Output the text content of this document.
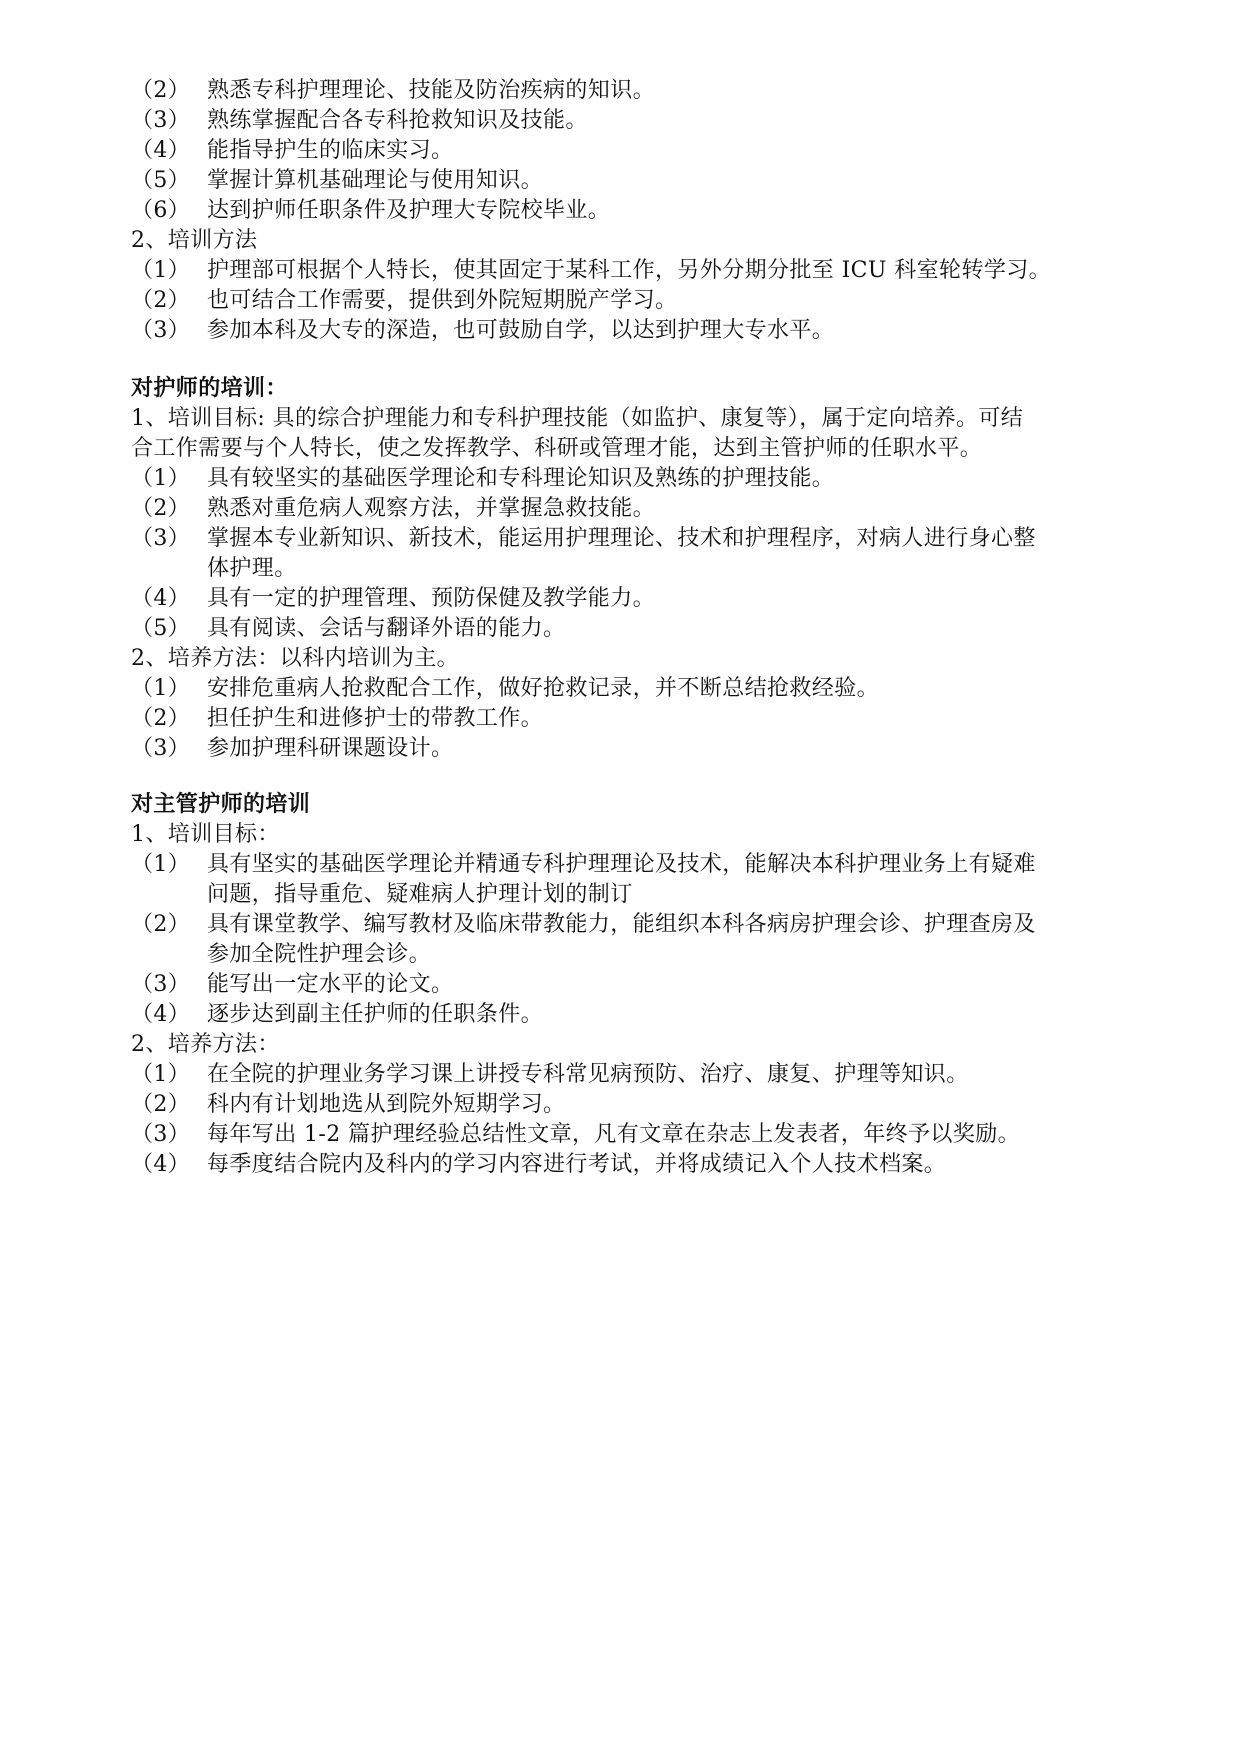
（2） 熟悉专科护理理论、技能及防治疾病的知识。
（3） 熟练掌握配合各专科抢救知识及技能。
（4） 能指导护生的临床实习。
（5） 掌握计算机基础理论与使用知识。
（6） 达到护师任职条件及护理大专院校毕业。
2、培训方法
（1） 护理部可根据个人特长，使其固定于某科工作，另外分期分批至 ICU 科室轮转学习。
（2） 也可结合工作需要，提供到外院短期脱产学习。
（3） 参加本科及大专的深造，也可鼓励自学，以达到护理大专水平。
对护师的培训：
1、培训目标: 具的综合护理能力和专科护理技能（如监护、康复等），属于定向培养。可结
合工作需要与个人特长，使之发挥教学、科研或管理才能，达到主管护师的任职水平。
（1） 具有较坚实的基础医学理论和专科理论知识及熟练的护理技能。
（2） 熟悉对重危病人观察方法，并掌握急救技能。
（3） 掌握本专业新知识、新技术，能运用护理理论、技术和护理程序，对病人进行身心整
体护理。
（4） 具有一定的护理管理、预防保健及教学能力。
（5） 具有阅读、会话与翻译外语的能力。
2、培养方法：以科内培训为主。
（1） 安排危重病人抢救配合工作，做好抢救记录，并不断总结抢救经验。
（2） 担任护生和进修护士的带教工作。
（3） 参加护理科研课题设计。
对主管护师的培训
1、培训目标：
（1） 具有坚实的基础医学理论并精通专科护理理论及技术，能解决本科护理业务上有疑难
问题，指导重危、疑难病人护理计划的制订
（2） 具有课堂教学、编写教材及临床带教能力，能组织本科各病房护理会诊、护理查房及
参加全院性护理会诊。
（3） 能写出一定水平的论文。
（4） 逐步达到副主任护师的任职条件。
2、培养方法：
（1） 在全院的护理业务学习课上讲授专科常见病预防、治疗、康复、护理等知识。
（2） 科内有计划地选从到院外短期学习。
（3） 每年写出 1-2 篇护理经验总结性文章，凡有文章在杂志上发表者，年终予以奖励。
（4） 每季度结合院内及科内的学习内容进行考试，并将成绩记入个人技术档案。
